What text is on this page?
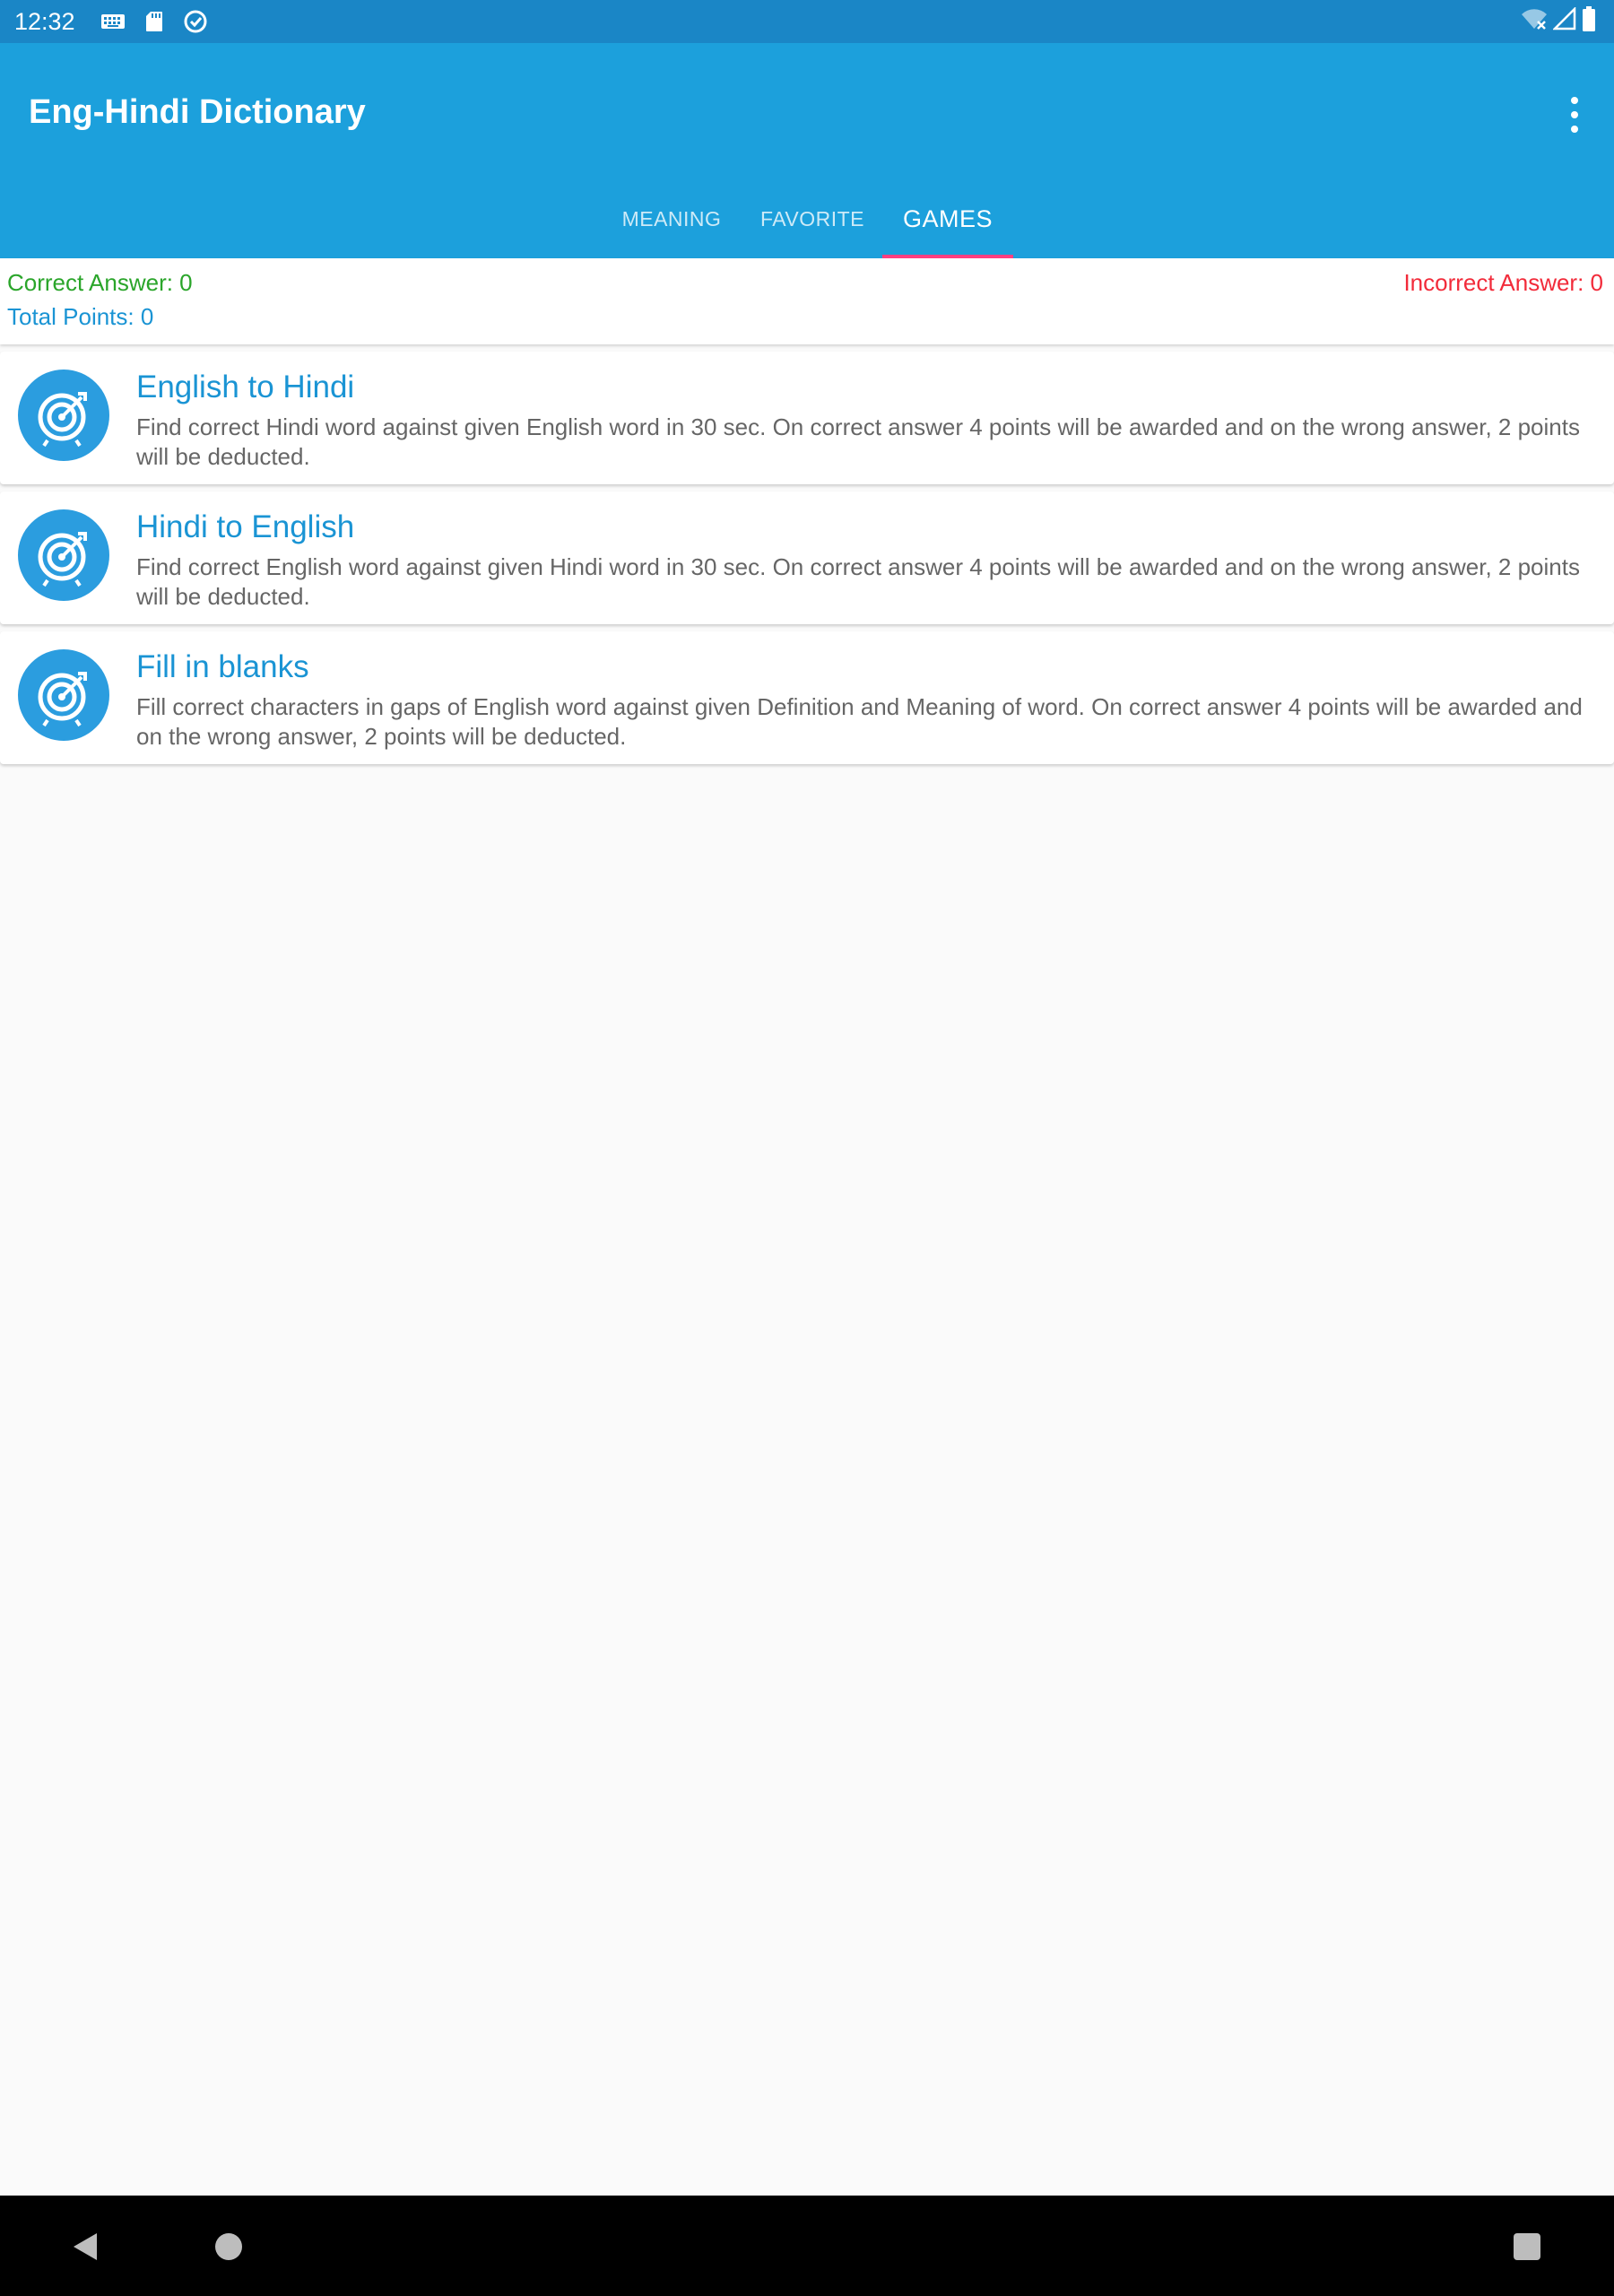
12:32
Eng-Hindi Dictionary
MEANING FAVORITE GAMES
Correct Answer: 0
Total Points: 0
Incorrect Answer: 0
English to Hindi
Find correct Hindi word against given English word in 30 sec. On correct answer 4 points will be awarded and on the wrong answer, 2 points will be deducted.
Hindi to English
Find correct English word against given Hindi word in 30 sec. On correct answer 4 points will be awarded and on the wrong answer, 2 points will be deducted.
Fill in blanks
Fill correct characters in gaps of English word against given Definition and Meaning of word. On correct answer 4 points will be awarded and on the wrong answer, 2 points will be deducted.
